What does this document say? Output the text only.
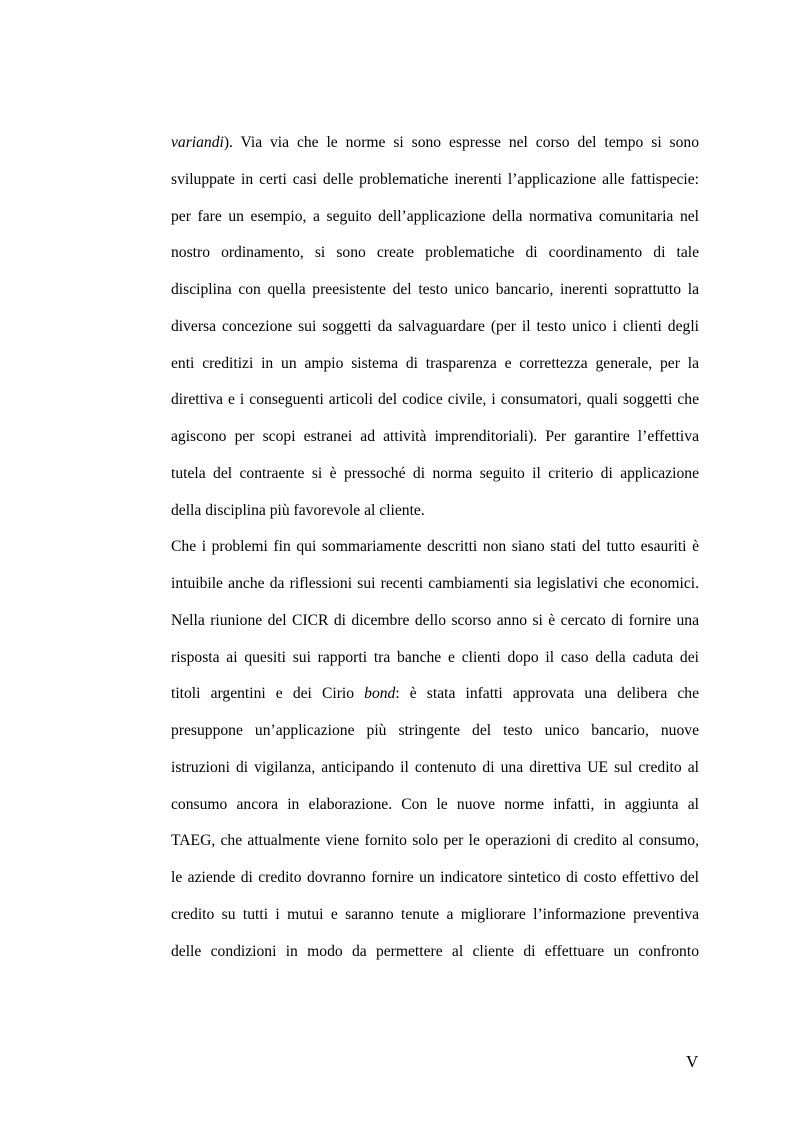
variandi). Via via che le norme si sono espresse nel corso del tempo si sono
sviluppate in certi casi delle problematiche inerenti l’applicazione alle fattispecie:
per fare un esempio, a seguito dell’applicazione della normativa comunitaria nel
nostro ordinamento, si sono create problematiche di coordinamento di tale
disciplina con quella preesistente del testo unico bancario, inerenti soprattutto la
diversa concezione sui soggetti da salvaguardare (per il testo unico i clienti degli
enti creditizi in un ampio sistema di trasparenza e correttezza generale, per la
direttiva e i conseguenti articoli del codice civile, i consumatori, quali soggetti che
agiscono per scopi estranei ad attività imprenditoriali). Per garantire l’effettiva
tutela del contraente si è pressoché di norma seguito il criterio di applicazione
della disciplina più favorevole al cliente.
Che i problemi fin qui sommariamente descritti non siano stati del tutto esauriti è
intuibile anche da riflessioni sui recenti cambiamenti sia legislativi che economici.
Nella riunione del CICR di dicembre dello scorso anno si è cercato di fornire una
risposta ai quesiti sui rapporti tra banche e clienti dopo il caso della caduta dei
titoli argentini e dei Cirio bond: è stata infatti approvata una delibera che
presuppone un’applicazione più stringente del testo unico bancario, nuove
istruzioni di vigilanza, anticipando il contenuto di una direttiva UE sul credito al
consumo ancora in elaborazione. Con le nuove norme infatti, in aggiunta al
TAEG, che attualmente viene fornito solo per le operazioni di credito al consumo,
le aziende di credito dovranno fornire un indicatore sintetico di costo effettivo del
credito su tutti i mutui e saranno tenute a migliorare l’informazione preventiva
delle condizioni in modo da permettere al cliente di effettuare un confronto
V
